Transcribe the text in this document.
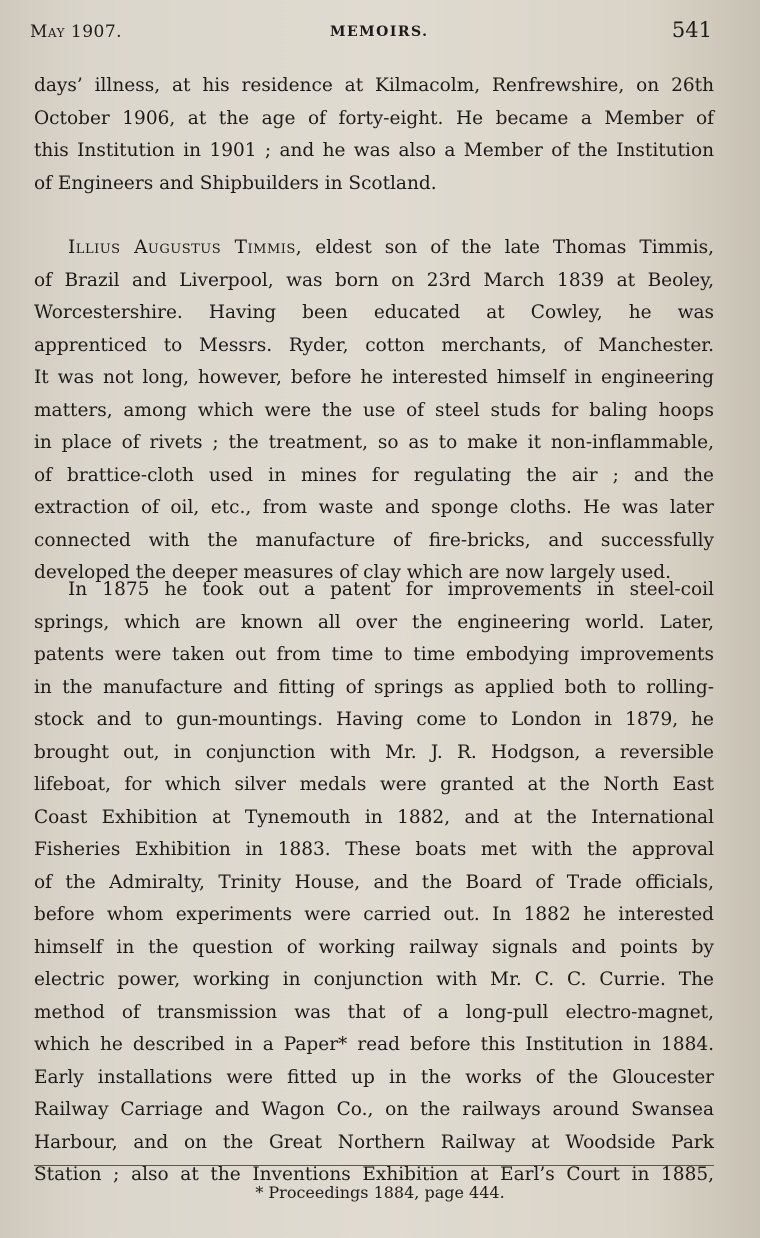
May 1907.	MEMOIRS.	541
days’ illness, at his residence at Kilmacolm, Renfrewshire, on 26th
October 1906, at the age of forty-eight. He became a Member of
this Institution in 1901 ; and he was also a Member of the Institution
of Engineers and Shipbuilders in Scotland.
Illius Augustus Timmis, eldest son of the late Thomas Timmis,
of Brazil and Liverpool, was born on 23rd March 1839 at Beoley,
Worcestershire. Having been educated at Cowley, he was
apprenticed to Messrs. Ryder, cotton merchants, of Manchester.
It was not long, however, before he interested himself in engineering
matters, among which were the use of steel studs for baling hoops
in place of rivets ; the treatment, so as to make it non-inflammable,
of brattice-cloth used in mines for regulating the air ; and the
extraction of oil, etc., from waste and sponge cloths. He was later
connected with the manufacture of fire-bricks, and successfully
developed the deeper measures of clay which are now largely used.
In 1875 he took out a patent for improvements in steel-coil
springs, which are known all over the engineering world. Later,
patents were taken out from time to time embodying improvements
in the manufacture and fitting of springs as applied both to rolling-
stock and to gun-mountings. Having come to London in 1879, he
brought out, in conjunction with Mr. J. R. Hodgson, a reversible
lifeboat, for which silver medals were granted at the North East
Coast Exhibition at Tynemouth in 1882, and at the International
Fisheries Exhibition in 1883. These boats met with the approval
of the Admiralty, Trinity House, and the Board of Trade officials,
before whom experiments were carried out. In 1882 he interested
himself in the question of working railway signals and points by
electric power, working in conjunction with Mr. C. C. Currie. The
method of transmission was that of a long-pull electro-magnet,
which he described in a Paper* read before this Institution in 1884.
Early installations were fitted up in the works of the Gloucester
Railway Carriage and Wagon Co., on the railways around Swansea
Harbour, and on the Great Northern Railway at Woodside Park
Station ; also at the Inventions Exhibition at Earl’s Court in 1885,
* Proceedings 1884, page 444.
